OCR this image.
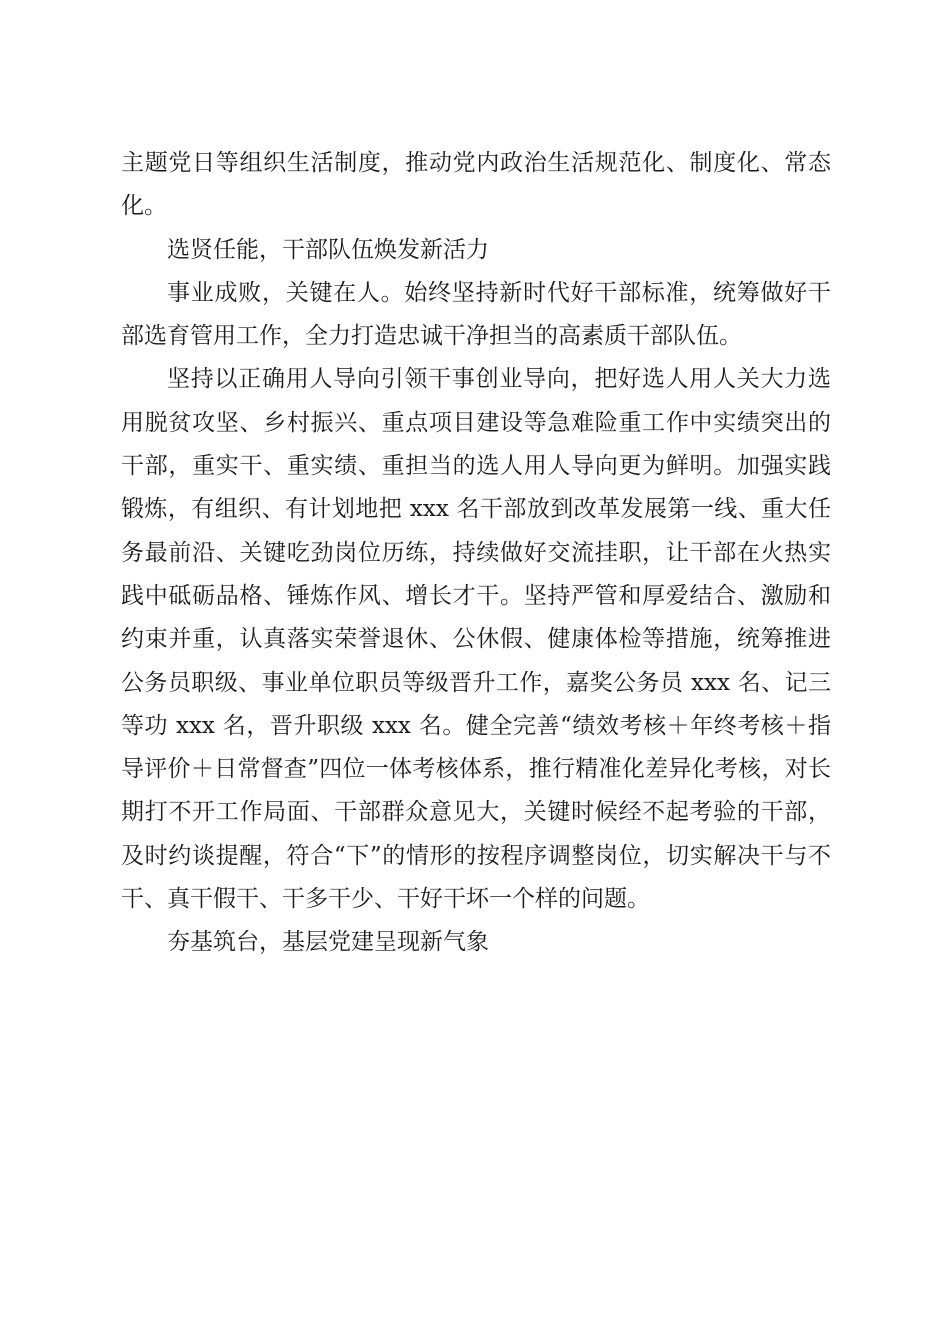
主题党日等组织生活制度，推动党内政治生活规范化、制度化、常态化。

选贤任能，干部队伍焕发新活力

事业成败，关键在人。始终坚持新时代好干部标准，统筹做好干部选育管用工作，全力打造忠诚干净担当的高素质干部队伍。

坚持以正确用人导向引领干事创业导向，把好选人用人关大力选用脱贫攻坚、乡村振兴、重点项目建设等急难险重工作中实绩突出的干部，重实干、重实绩、重担当的选人用人导向更为鲜明。加强实践锻炼，有组织、有计划地把 xxx 名干部放到改革发展第一线、重大任务最前沿、关键吃劲岗位历练，持续做好交流挂职，让干部在火热实践中砥砺品格、锤炼作风、增长才干。坚持严管和厚爱结合、激励和约束并重，认真落实荣誉退休、公休假、健康体检等措施，统筹推进公务员职级、事业单位职员等级晋升工作，嘉奖公务员 xxx 名、记三等功 xxx 名，晋升职级 xxx 名。健全完善“绩效考核＋年终考核＋指导评价＋日常督查”四位一体考核体系，推行精准化差异化考核，对长期打不开工作局面、干部群众意见大，关键时候经不起考验的干部，及时约谈提醒，符合“下”的情形的按程序调整岗位，切实解决干与不干、真干假干、干多干少、干好干坏一个样的问题。

夯基筑台，基层党建呈现新气象
